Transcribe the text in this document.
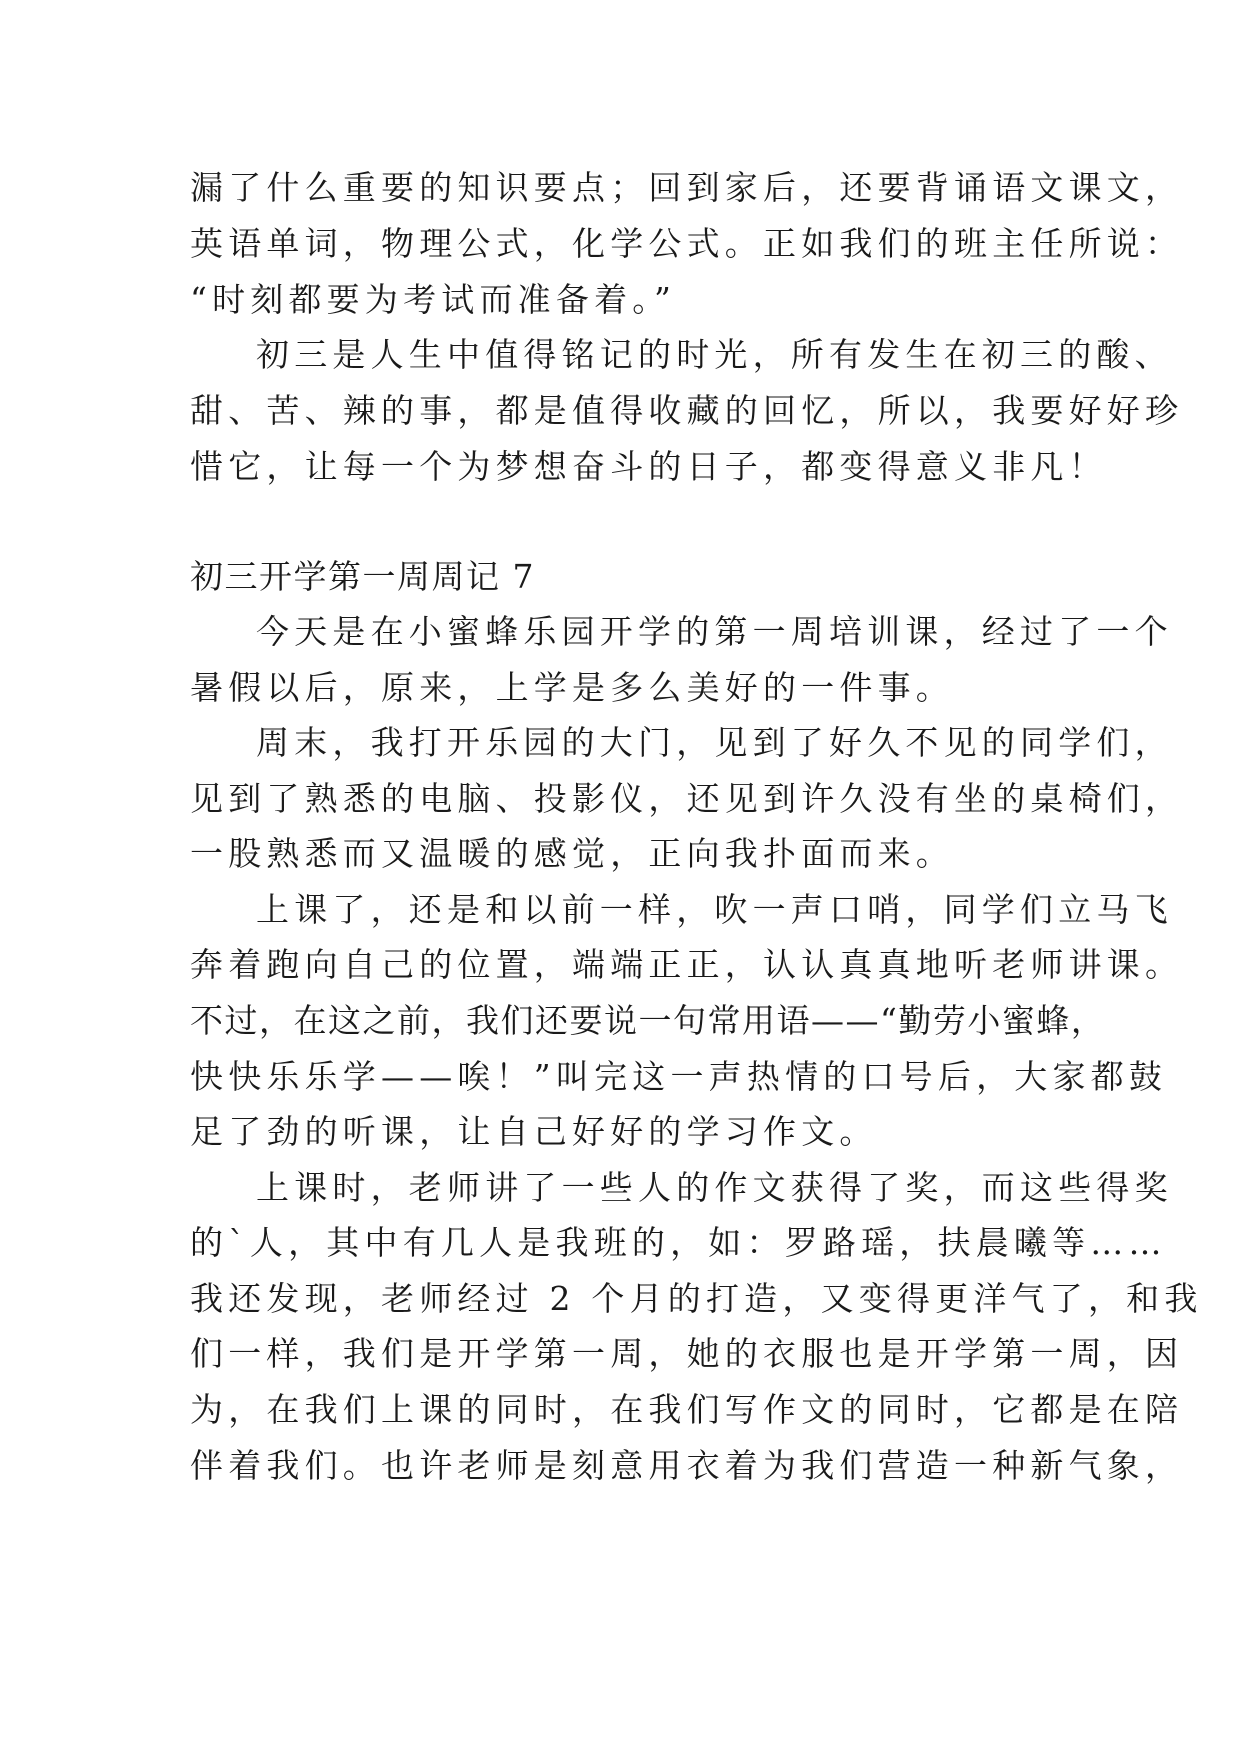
漏了什么重要的知识要点；回到家后，还要背诵语文课文，
英语单词，物理公式，化学公式。正如我们的班主任所说：
“时刻都要为考试而准备着。”
初三是人生中值得铭记的时光，所有发生在初三的酸、
甜、苦、辣的事，都是值得收藏的回忆，所以，我要好好珍
惜它，让每一个为梦想奋斗的日子，都变得意义非凡！
初三开学第一周周记 7
今天是在小蜜蜂乐园开学的第一周培训课，经过了一个
暑假以后，原来，上学是多么美好的一件事。
周末，我打开乐园的大门，见到了好久不见的同学们，
见到了熟悉的电脑、投影仪，还见到许久没有坐的桌椅们，
一股熟悉而又温暖的感觉，正向我扑面而来。
上课了，还是和以前一样，吹一声口哨，同学们立马飞
奔着跑向自己的位置，端端正正，认认真真地听老师讲课。
不过，在这之前，我们还要说一句常用语——“勤劳小蜜蜂，
快快乐乐学——唉！”叫完这一声热情的口号后，大家都鼓
足了劲的听课，让自己好好的学习作文。
上课时，老师讲了一些人的作文获得了奖，而这些得奖
的`人，其中有几人是我班的，如：罗路瑶，扶晨曦等……
我还发现，老师经过 2 个月的打造，又变得更洋气了，和我
们一样，我们是开学第一周，她的衣服也是开学第一周，因
为，在我们上课的同时，在我们写作文的同时，它都是在陪
伴着我们。也许老师是刻意用衣着为我们营造一种新气象，
